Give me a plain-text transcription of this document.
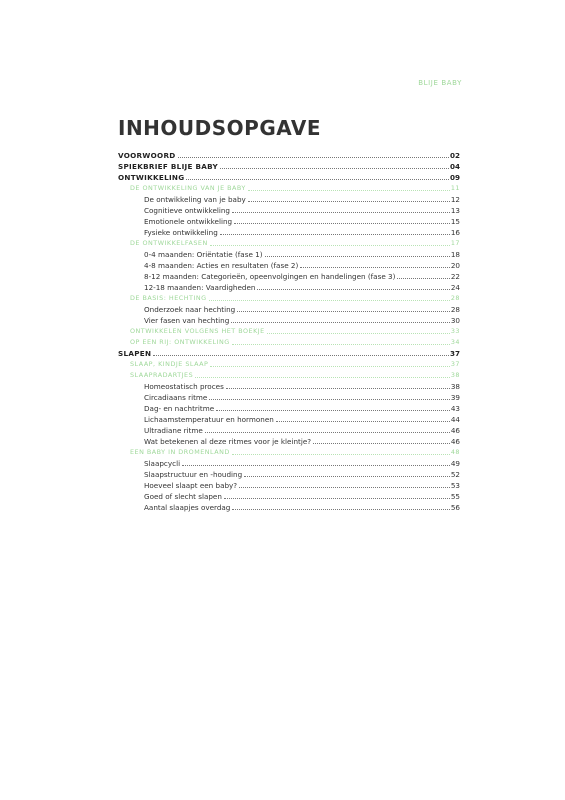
BLIJE BABY
INHOUDSOPGAVE
VOORWOORD	02
SPIEKBRIEF BLIJE BABY	04
ONTWIKKELING	09
DE ONTWIKKELING VAN JE BABY	11
De ontwikkeling van je baby	12
Cognitieve ontwikkeling	13
Emotionele ontwikkeling	15
Fysieke ontwikkeling	16
DE ONTWIKKELFASEN	17
0-4 maanden: Oriëntatie (fase 1)	18
4-8 maanden: Acties en resultaten (fase 2)	20
8-12 maanden: Categorieën, opeenvolgingen en handelingen (fase 3)	22
12-18 maanden: Vaardigheden	24
DE BASIS: HECHTING	28
Onderzoek naar hechting	28
Vier fasen van hechting	30
ONTWIKKELEN VOLGENS HET BOEKJE	33
OP EEN RIJ: ONTWIKKELING	34
SLAPEN	37
SLAAP, KINDJE SLAAP	37
SLAAPRADARTJES	38
Homeostatisch proces	38
Circadiaans ritme	39
Dag- en nachtritme	43
Lichaamstemperatuur en hormonen	44
Ultradiane ritme	46
Wat betekenen al deze ritmes voor je kleintje?	46
EEN BABY IN DROMENLAND	48
Slaapcycli	49
Slaapstructuur en -houding	52
Hoeveel slaapt een baby?	53
Goed of slecht slapen	55
Aantal slaapjes overdag	56
